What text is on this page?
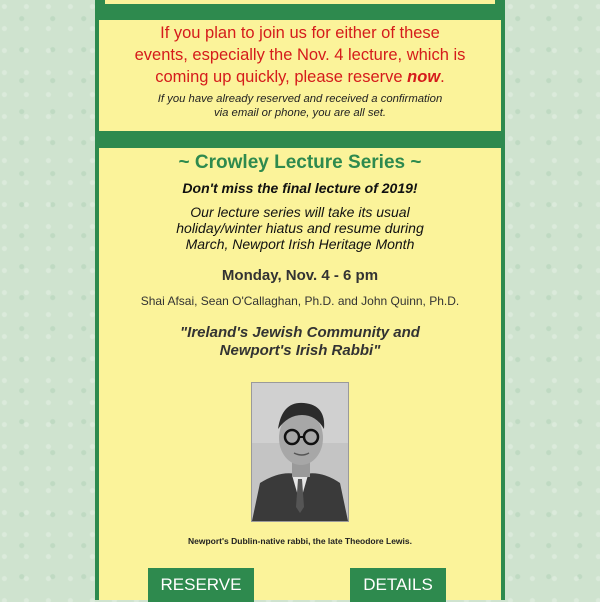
If you plan to join us for either of these
events, especially the Nov. 4 lecture, which is
coming up quickly, please reserve now.
If you have already reserved and received a confirmation
via email or phone, you are all set.
~ Crowley Lecture Series ~
Don't miss the final lecture of 2019!
Our lecture series will take its usual
holiday/winter hiatus and resume during
March, Newport Irish Heritage Month
Monday, Nov. 4 - 6 pm
Shai Afsai, Sean O'Callaghan, Ph.D. and John Quinn, Ph.D.
"Ireland's Jewish Community and
Newport's Irish Rabbi"
Newport's Dublin-native rabbi, the late Theodore Lewis.
RESERVE	DETAILS
